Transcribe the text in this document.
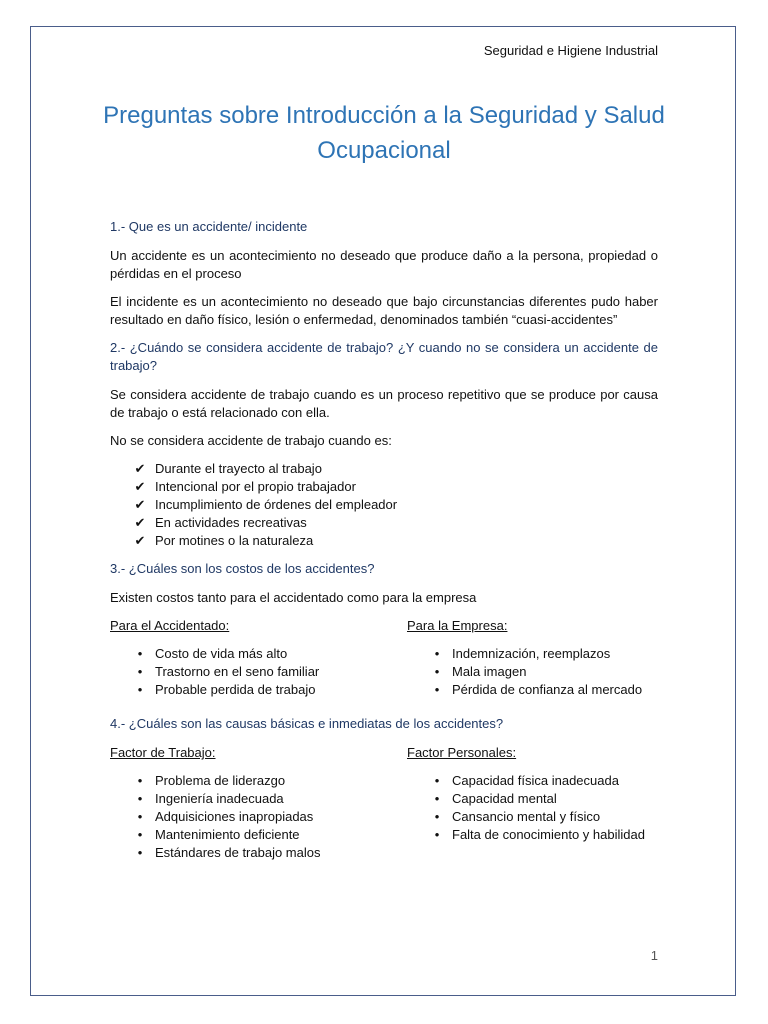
Seguridad e Higiene Industrial
Preguntas sobre Introducción a la Seguridad y Salud Ocupacional
1.- Que es un accidente/ incidente
Un accidente es un acontecimiento no deseado que produce daño a la persona, propiedad o pérdidas en el proceso
El incidente es un acontecimiento no deseado que bajo circunstancias diferentes pudo haber resultado en daño físico, lesión o enfermedad, denominados también “cuasi-accidentes”
2.- ¿Cuándo se considera accidente de trabajo? ¿Y cuando no se considera un accidente de trabajo?
Se considera accidente de trabajo cuando es un proceso repetitivo que se produce por causa de trabajo o está relacionado con ella.
No se considera accidente de trabajo cuando es:
✔ Durante el trayecto al trabajo
✔ Intencional por el propio trabajador
✔ Incumplimiento de órdenes del empleador
✔ En actividades recreativas
✔ Por motines o la naturaleza
3.- ¿Cuáles son los costos de los accidentes?
Existen costos tanto para el accidentado como para la empresa
Para el Accidentado:
• Costo de vida más alto
• Trastorno en el seno familiar
• Probable perdida de trabajo
Para la Empresa:
• Indemnización, reemplazos
• Mala imagen
• Pérdida de confianza al mercado
4.- ¿Cuáles son las causas básicas e inmediatas de los accidentes?
Factor de Trabajo:
• Problema de liderazgo
• Ingeniería inadecuada
• Adquisiciones inapropiadas
• Mantenimiento deficiente
• Estándares de trabajo malos
Factor Personales:
• Capacidad física inadecuada
• Capacidad mental
• Cansancio mental y físico
• Falta de conocimiento y habilidad
1
